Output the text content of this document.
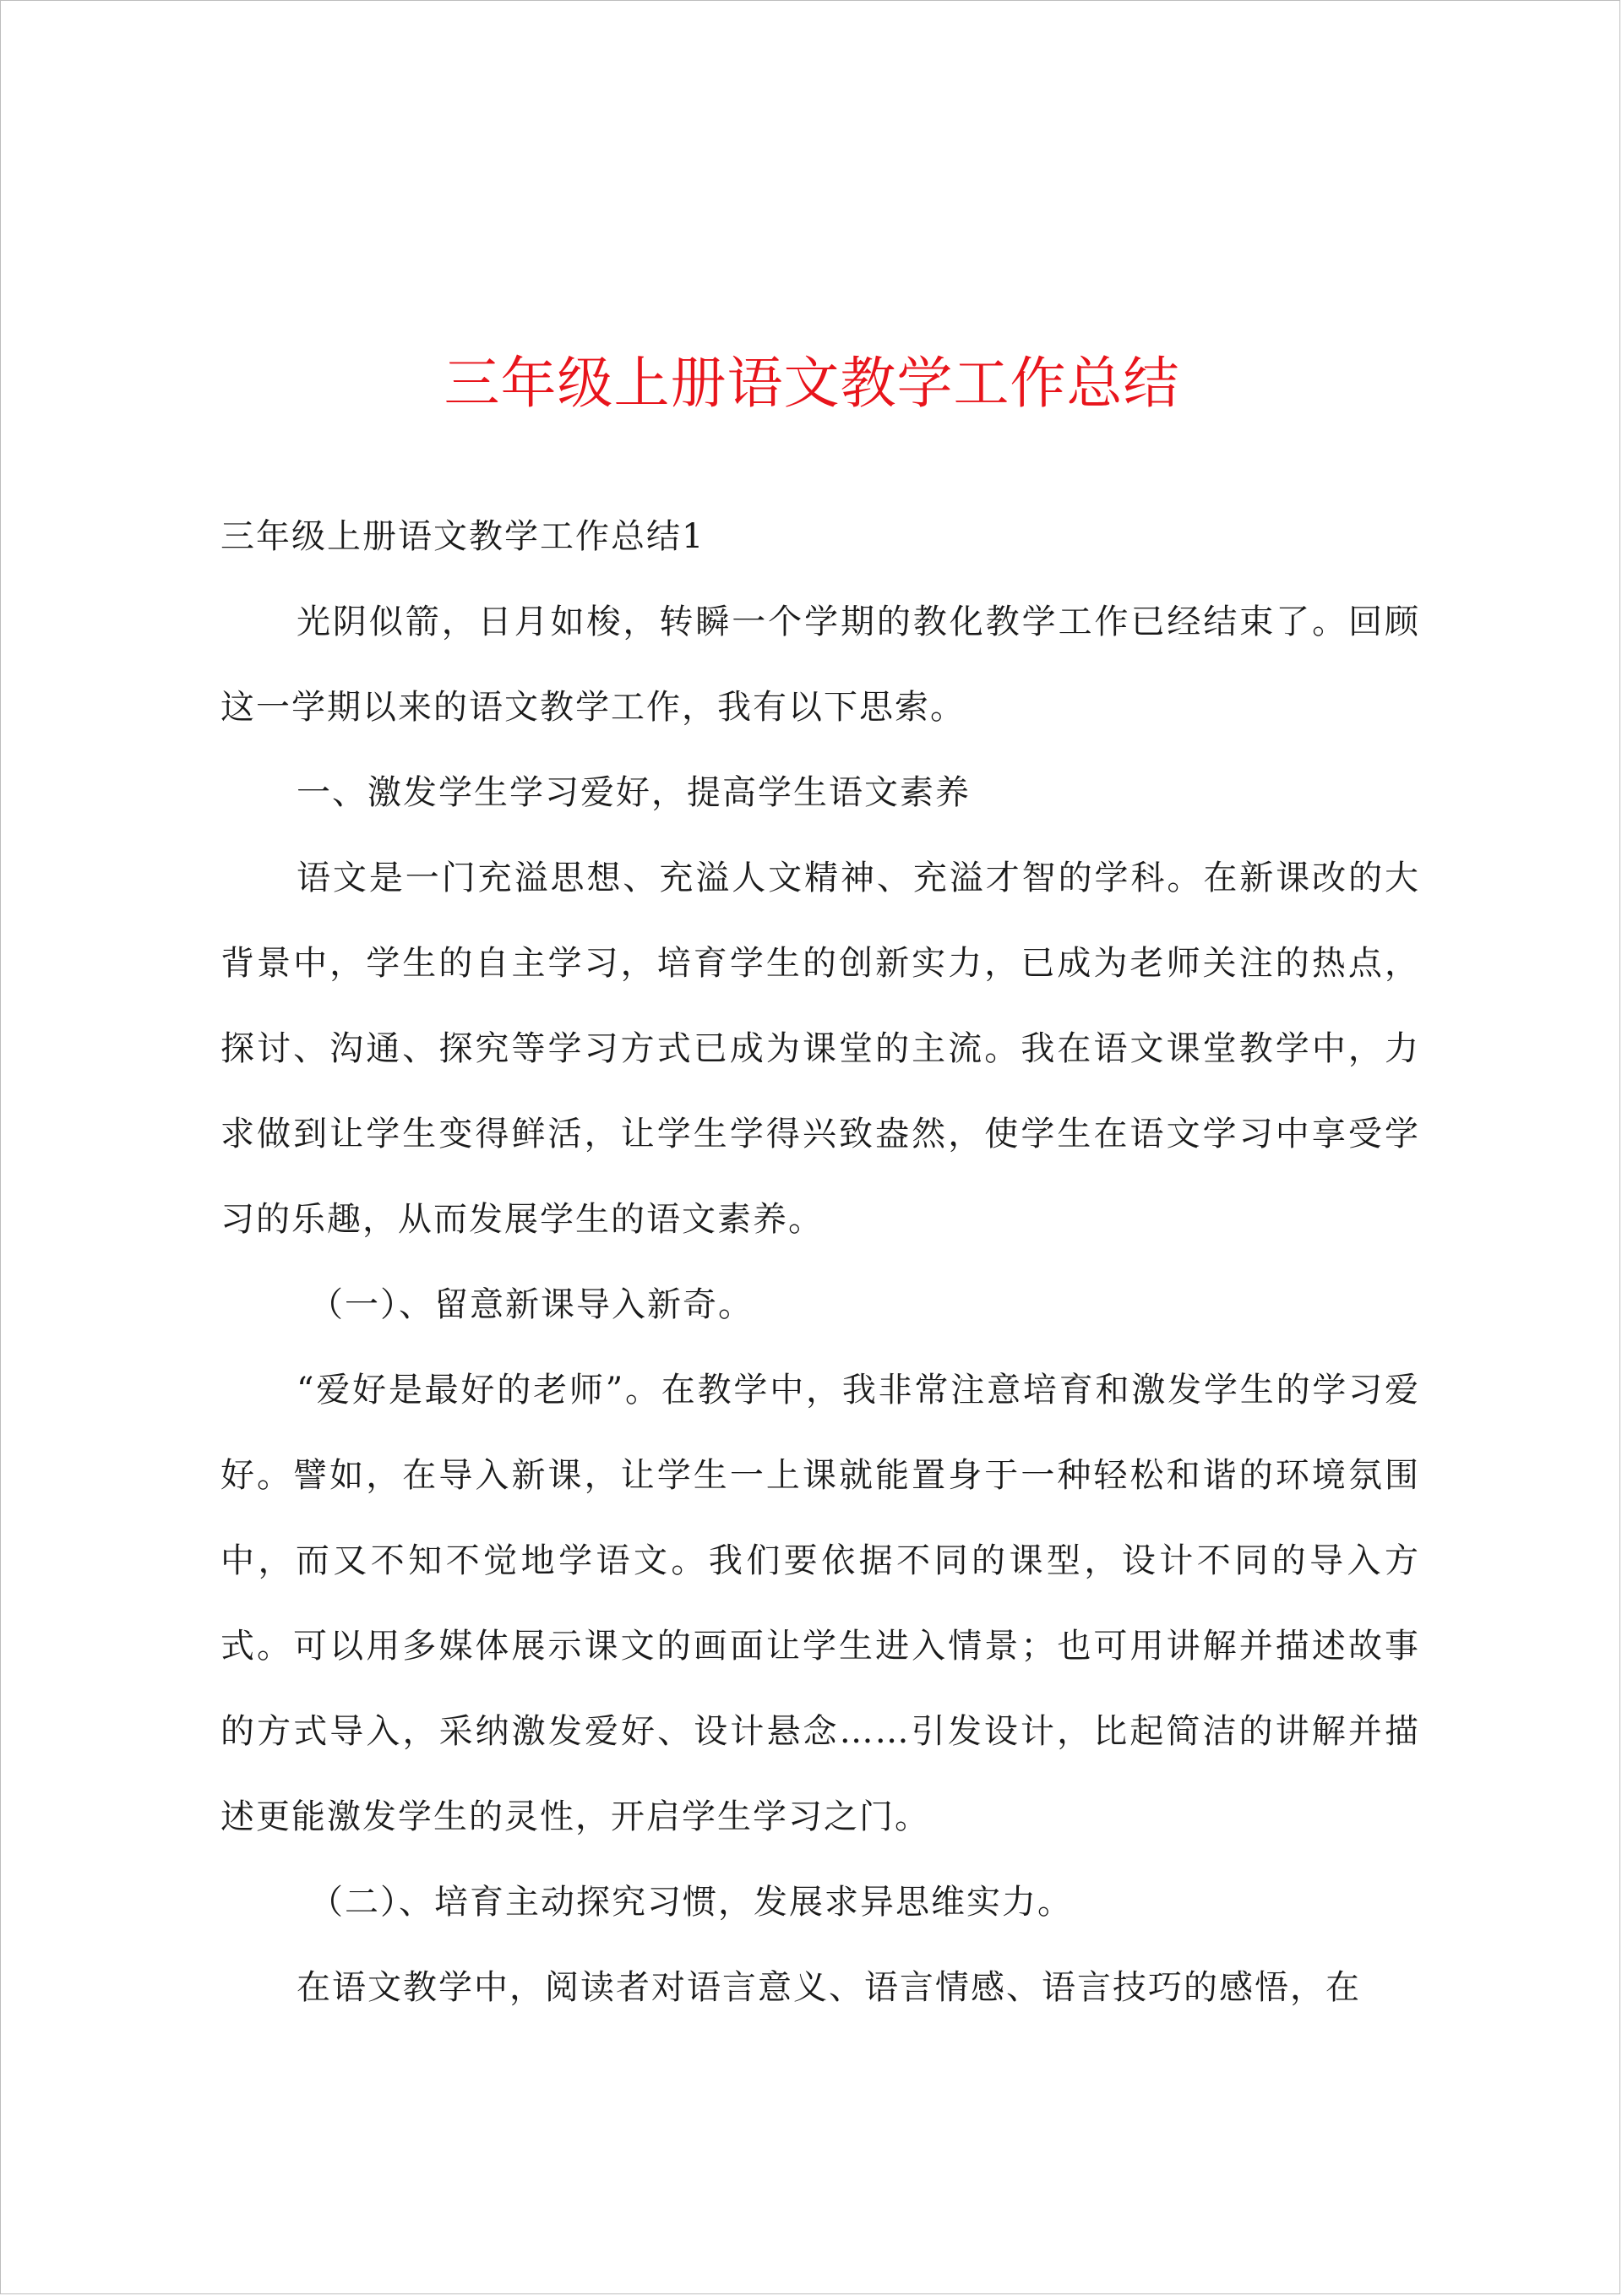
三年级上册语文教学工作总结

三年级上册语文教学工作总结1

光阴似箭，日月如梭，转瞬一个学期的教化教学工作已经结束了。回顾这一学期以来的语文教学工作，我有以下思索。

一、激发学生学习爱好，提高学生语文素养

语文是一门充溢思想、充溢人文精神、充溢才智的学科。在新课改的大背景中，学生的自主学习，培育学生的创新实力，已成为老师关注的热点，探讨、沟通、探究等学习方式已成为课堂的主流。我在语文课堂教学中，力求做到让学生变得鲜活，让学生学得兴致盎然，使学生在语文学习中享受学习的乐趣，从而发展学生的语文素养。

（一）、留意新课导入新奇。

“爱好是最好的老师”。在教学中，我非常注意培育和激发学生的学习爱好。譬如，在导入新课，让学生一上课就能置身于一种轻松和谐的环境氛围中，而又不知不觉地学语文。我们要依据不同的课型，设计不同的导入方式。可以用多媒体展示课文的画面让学生进入情景；也可用讲解并描述故事的方式导入，采纳激发爱好、设计悬念……引发设计，比起简洁的讲解并描述更能激发学生的灵性，开启学生学习之门。

（二）、培育主动探究习惯，发展求异思维实力。

在语文教学中，阅读者对语言意义、语言情感、语言技巧的感悟，在
